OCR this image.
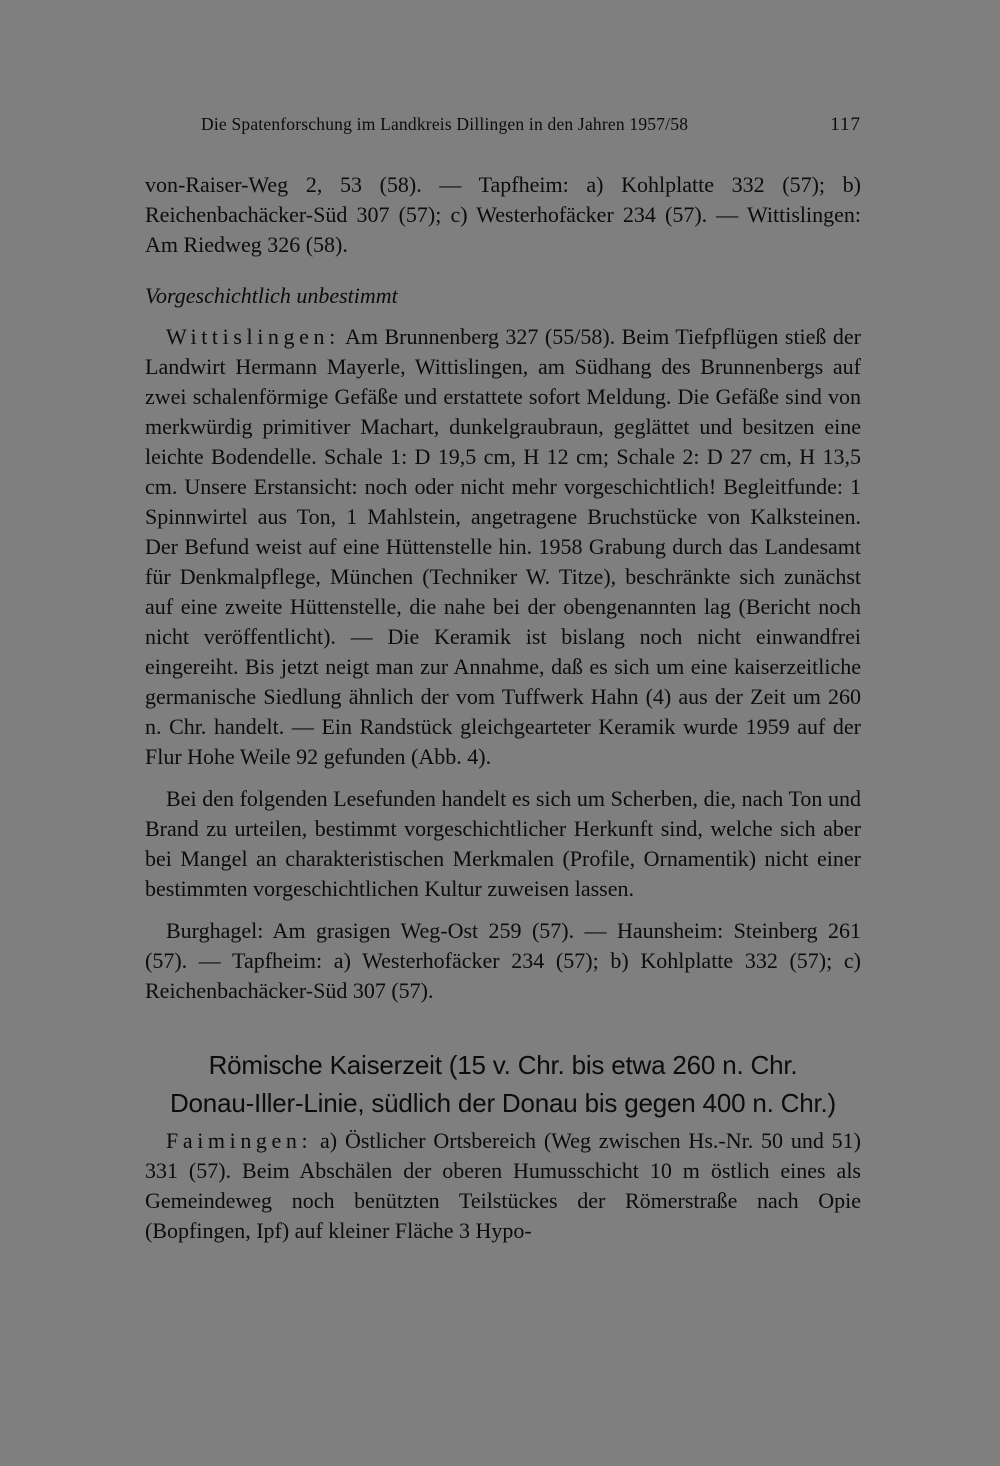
Die Spatenforschung im Landkreis Dillingen in den Jahren 1957/58	117

von-Raiser-Weg 2, 53 (58). — Tapfheim: a) Kohlplatte 332 (57); b) Reichenbachäcker-Süd 307 (57); c) Westerhofäcker 234 (57). — Wittislingen: Am Riedweg 326 (58).

Vorgeschichtlich unbestimmt

Wittislingen: Am Brunnenberg 327 (55/58). Beim Tiefpflügen stieß der Landwirt Hermann Mayerle, Wittislingen, am Südhang des Brunnenbergs auf zwei schalenförmige Gefäße und erstattete sofort Meldung. Die Gefäße sind von merkwürdig primitiver Machart, dunkelgraubraun, geglättet und besitzen eine leichte Bodendelle. Schale 1: D 19,5 cm, H 12 cm; Schale 2: D 27 cm, H 13,5 cm. Unsere Erstansicht: noch oder nicht mehr vorgeschichtlich! Begleitfunde: 1 Spinnwirtel aus Ton, 1 Mahlstein, angetragene Bruchstücke von Kalksteinen. Der Befund weist auf eine Hüttenstelle hin. 1958 Grabung durch das Landesamt für Denkmalpflege, München (Techniker W. Titze), beschränkte sich zunächst auf eine zweite Hüttenstelle, die nahe bei der obengenannten lag (Bericht noch nicht veröffentlicht). — Die Keramik ist bislang noch nicht einwandfrei eingereiht. Bis jetzt neigt man zur Annahme, daß es sich um eine kaiserzeitliche germanische Siedlung ähnlich der vom Tuffwerk Hahn (4) aus der Zeit um 260 n. Chr. handelt. — Ein Randstück gleichgearteter Keramik wurde 1959 auf der Flur Hohe Weile 92 gefunden (Abb. 4).

Bei den folgenden Lesefunden handelt es sich um Scherben, die, nach Ton und Brand zu urteilen, bestimmt vorgeschichtlicher Herkunft sind, welche sich aber bei Mangel an charakteristischen Merkmalen (Profile, Ornamentik) nicht einer bestimmten vorgeschichtlichen Kultur zuweisen lassen.

Burghagel: Am grasigen Weg-Ost 259 (57). — Haunsheim: Steinberg 261 (57). — Tapfheim: a) Westerhofäcker 234 (57); b) Kohlplatte 332 (57); c) Reichenbachäcker-Süd 307 (57).

Römische Kaiserzeit (15 v. Chr. bis etwa 260 n. Chr.
Donau-Iller-Linie, südlich der Donau bis gegen 400 n. Chr.)

Faimingen: a) Östlicher Ortsbereich (Weg zwischen Hs.-Nr. 50 und 51) 331 (57). Beim Abschälen der oberen Humusschicht 10 m östlich eines als Gemeindeweg noch benützten Teilstückes der Römerstraße nach Opie (Bopfingen, Ipf) auf kleiner Fläche 3 Hypo-
